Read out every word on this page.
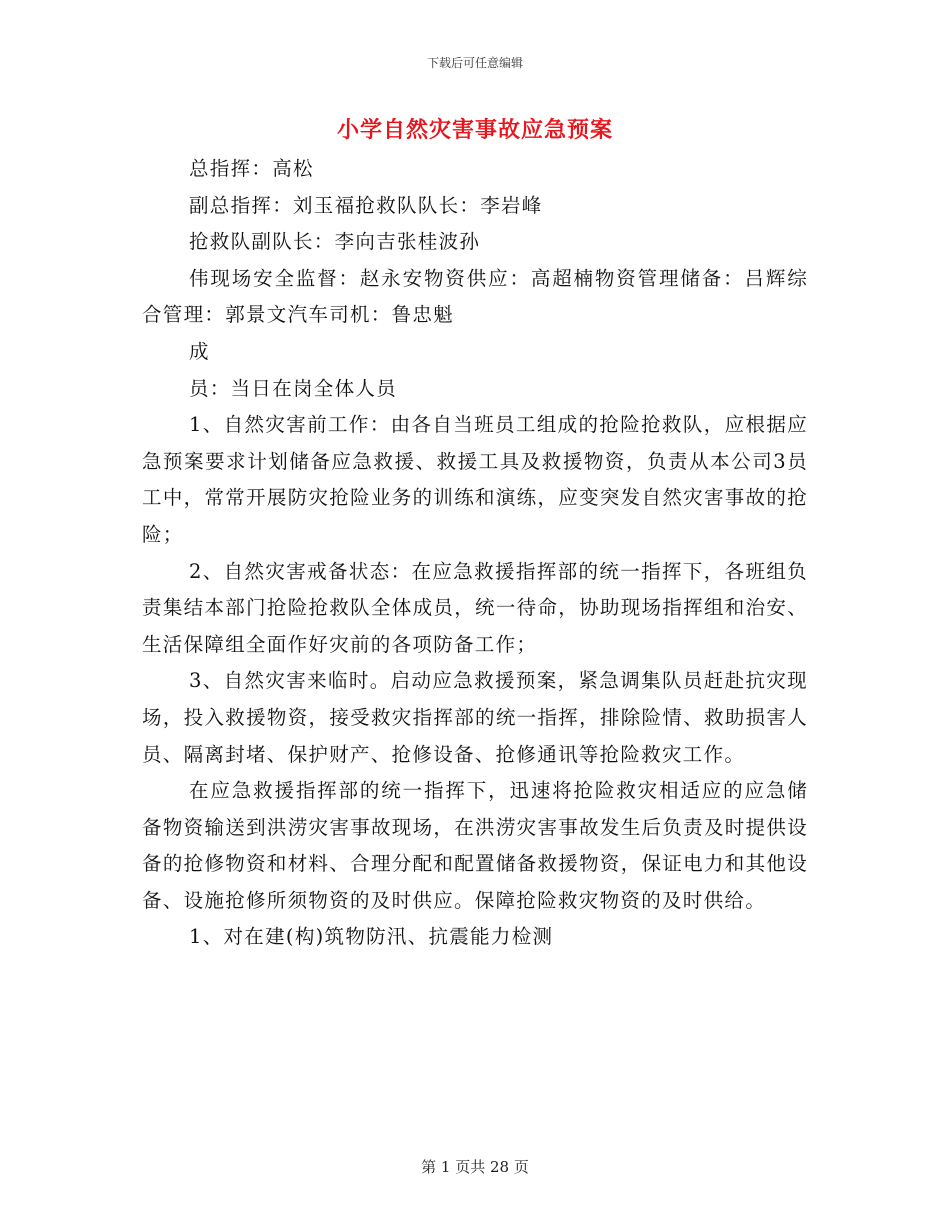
下载后可任意编辑
小学自然灾害事故应急预案

总指挥：高松

副总指挥：刘玉福抢救队队长：李岩峰

抢救队副队长：李向吉张桂波孙

伟现场安全监督：赵永安物资供应：高超楠物资管理储备：吕辉综合管理：郭景文汽车司机：鲁忠魁

成

员：当日在岗全体人员

1、自然灾害前工作：由各自当班员工组成的抢险抢救队，应根据应急预案要求计划储备应急救援、救援工具及救援物资，负责从本公司3员工中，常常开展防灾抢险业务的训练和演练，应变突发自然灾害事故的抢险；

2、自然灾害戒备状态：在应急救援指挥部的统一指挥下，各班组负责集结本部门抢险抢救队全体成员，统一待命，协助现场指挥组和治安、生活保障组全面作好灾前的各项防备工作；

3、自然灾害来临时。启动应急救援预案，紧急调集队员赶赴抗灾现场，投入救援物资，接受救灾指挥部的统一指挥，排除险情、救助损害人员、隔离封堵、保护财产、抢修设备、抢修通讯等抢险救灾工作。

在应急救援指挥部的统一指挥下，迅速将抢险救灾相适应的应急储备物资输送到洪涝灾害事故现场，在洪涝灾害事故发生后负责及时提供设备的抢修物资和材料、合理分配和配置储备救援物资，保证电力和其他设备、设施抢修所须物资的及时供应。保障抢险救灾物资的及时供给。

1、对在建(构)筑物防汛、抗震能力检测

第 1 页共 28 页
